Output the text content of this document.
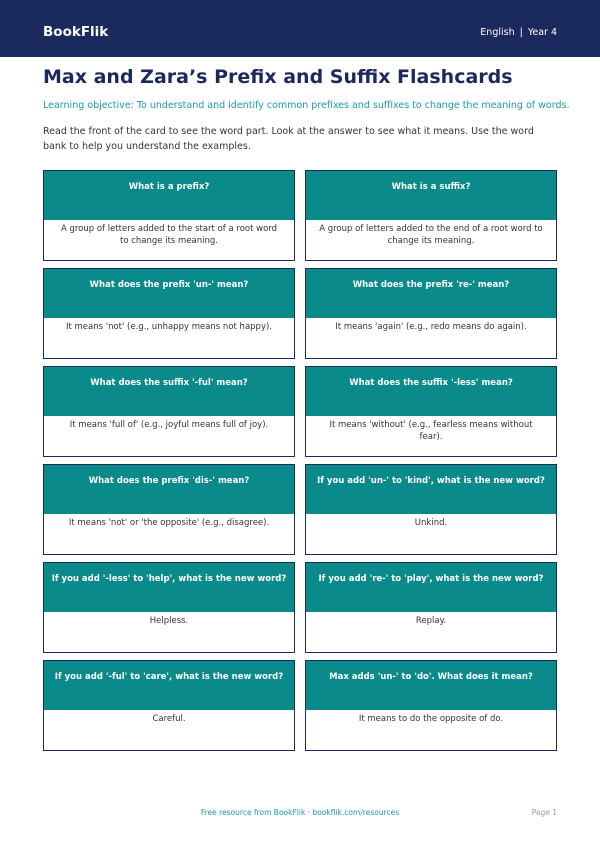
BookFlik	English | Year 4
Max and Zara’s Prefix and Suffix Flashcards
Learning objective: To understand and identify common prefixes and suffixes to change the meaning of words.
Read the front of the card to see the word part. Look at the answer to see what it means. Use the word bank to help you understand the examples.
What is a prefix?
A group of letters added to the start of a root word to change its meaning.
What is a suffix?
A group of letters added to the end of a root word to change its meaning.
What does the prefix 'un-' mean?
It means 'not' (e.g., unhappy means not happy).
What does the prefix 're-' mean?
It means 'again' (e.g., redo means do again).
What does the suffix '-ful' mean?
It means 'full of' (e.g., joyful means full of joy).
What does the suffix '-less' mean?
It means 'without' (e.g., fearless means without fear).
What does the prefix 'dis-' mean?
It means 'not' or 'the opposite' (e.g., disagree).
If you add 'un-' to 'kind', what is the new word?
Unkind.
If you add '-less' to 'help', what is the new word?
Helpless.
If you add 're-' to 'play', what is the new word?
Replay.
If you add '-ful' to 'care', what is the new word?
Careful.
Max adds 'un-' to 'do'. What does it mean?
It means to do the opposite of do.
Free resource from BookFlik · bookflik.com/resources	Page 1
